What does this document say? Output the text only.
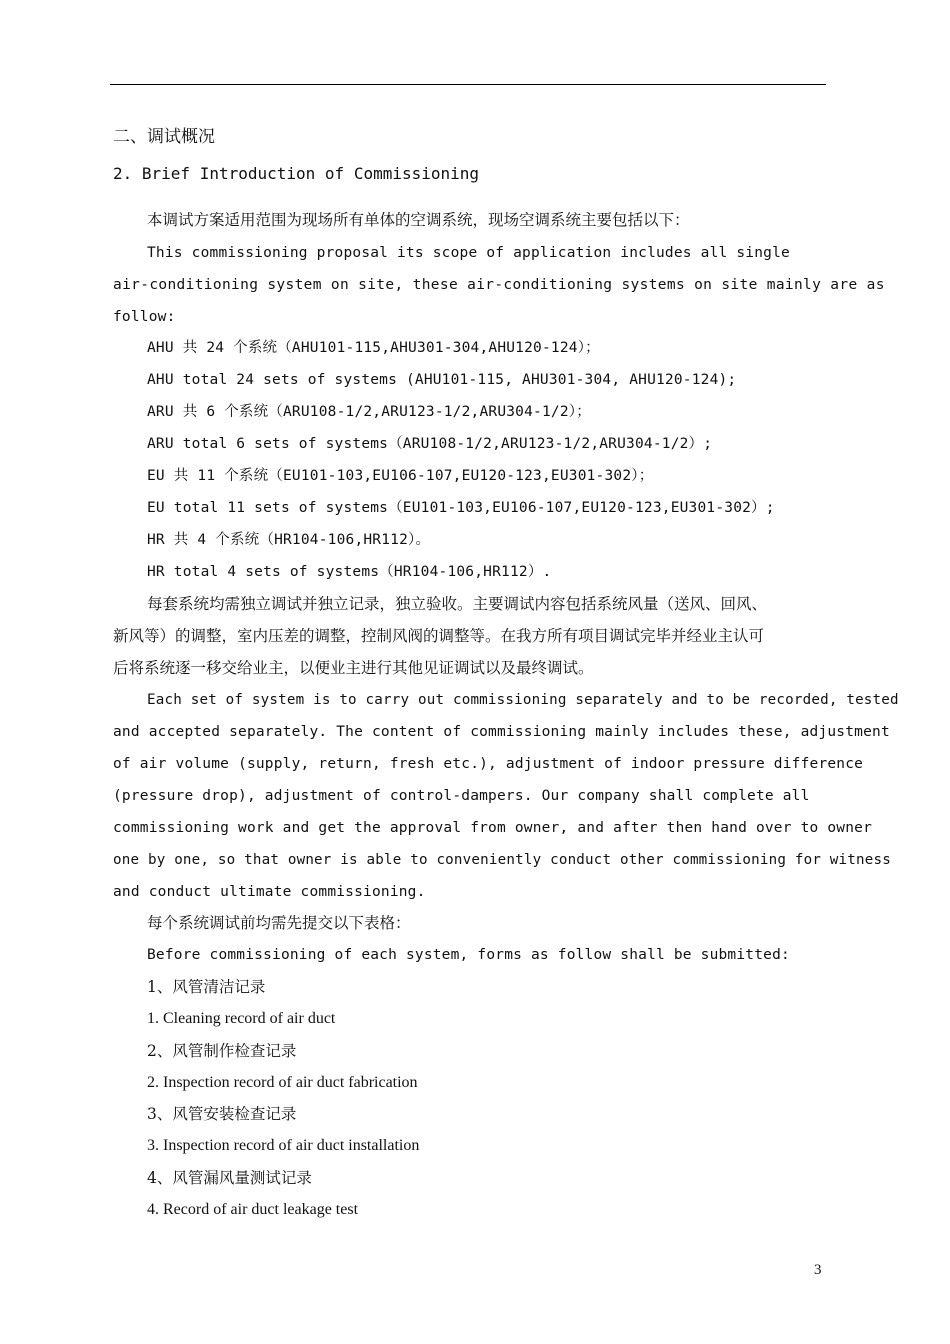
二、调试概况
2. Brief Introduction of Commissioning
本调试方案适用范围为现场所有单体的空调系统，现场空调系统主要包括以下：
This commissioning proposal its scope of application includes all single
air-conditioning system on site, these air-conditioning systems on site mainly are as
follow:
AHU 共 24 个系统（AHU101-115,AHU301-304,AHU120-124）；
AHU total 24 sets of systems (AHU101-115, AHU301-304, AHU120-124);
ARU 共 6 个系统（ARU108-1/2,ARU123-1/2,ARU304-1/2）；
ARU total 6 sets of systems（ARU108-1/2,ARU123-1/2,ARU304-1/2）;
EU 共 11 个系统（EU101-103,EU106-107,EU120-123,EU301-302）；
EU total 11 sets of systems（EU101-103,EU106-107,EU120-123,EU301-302）;
HR 共 4 个系统（HR104-106,HR112）。
HR total 4 sets of systems（HR104-106,HR112）.
每套系统均需独立调试并独立记录，独立验收。主要调试内容包括系统风量（送风、回风、
新风等）的调整，室内压差的调整，控制风阀的调整等。在我方所有项目调试完毕并经业主认可
后将系统逐一移交给业主，以便业主进行其他见证调试以及最终调试。
Each set of system is to carry out commissioning separately and to be recorded, tested
and accepted separately. The content of commissioning mainly includes these, adjustment
of air volume (supply, return, fresh etc.), adjustment of indoor pressure difference
(pressure drop), adjustment of control-dampers. Our company shall complete all
commissioning work and get the approval from owner, and after then hand over to owner
one by one, so that owner is able to conveniently conduct other commissioning for witness
and conduct ultimate commissioning.
每个系统调试前均需先提交以下表格：
Before commissioning of each system, forms as follow shall be submitted:
1、风管清洁记录
1. Cleaning record of air duct
2、风管制作检查记录
2. Inspection record of air duct fabrication
3、风管安装检查记录
3. Inspection record of air duct installation
4、风管漏风量测试记录
4. Record of air duct leakage test
3
